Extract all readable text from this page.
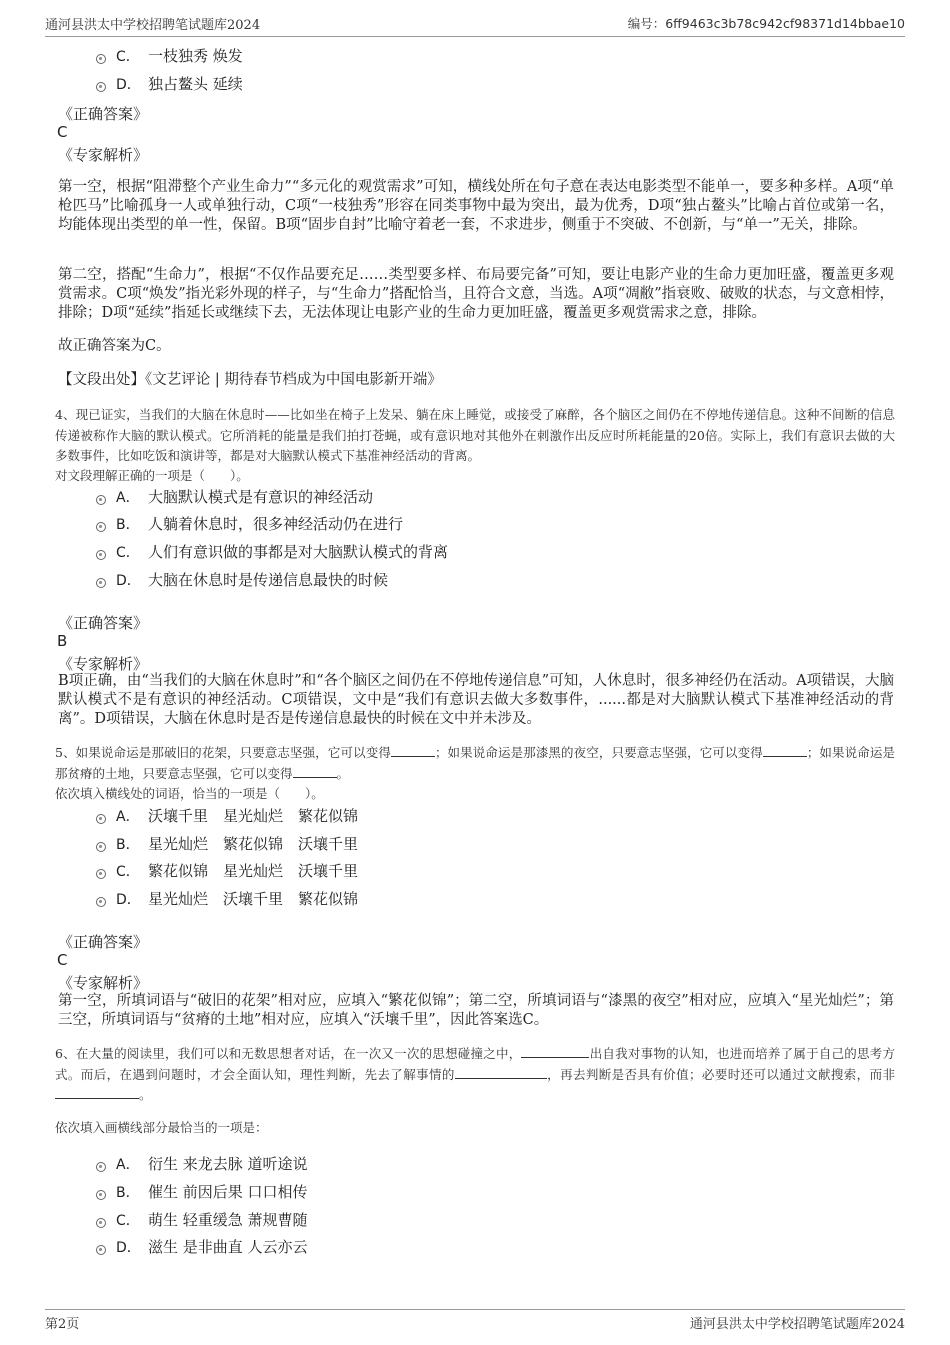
通河县洪太中学校招聘笔试题库2024	编号：6ff9463c3b78c942cf98371d14bbae10
C． 一枝独秀 焕发
D． 独占鳌头 延续
《正确答案》
C
《专家解析》
第一空，根据“阻滞整个产业生命力”“多元化的观赏需求”可知，横线处所在句子意在表达电影类型不能单一，要多种多样。A项“单枪匹马”比喻孤身一人或单独行动，C项“一枝独秀”形容在同类事物中最为突出，最为优秀，D项“独占鳌头”比喻占首位或第一名，均能体现出类型的单一性，保留。B项“固步自封”比喻守着老一套，不求进步，侧重于不突破、不创新，与“单一”无关，排除。
第二空，搭配“生命力”，根据“不仅作品要充足……类型要多样、布局要完备”可知，要让电影产业的生命力更加旺盛，覆盖更多观赏需求。C项“焕发”指光彩外现的样子，与“生命力”搭配恰当，且符合文意，当选。A项“凋敝”指衰败、破败的状态，与文意相悖，排除；D项“延续”指延长或继续下去，无法体现让电影产业的生命力更加旺盛，覆盖更多观赏需求之意，排除。
故正确答案为C。
【文段出处】《文艺评论 | 期待春节档成为中国电影新开端》
4、现已证实，当我们的大脑在休息时——比如坐在椅子上发呆、躺在床上睡觉，或接受了麻醉，各个脑区之间仍在不停地传递信息。这种不间断的信息传递被称作大脑的默认模式。它所消耗的能量是我们拍打苍蝇，或有意识地对其他外在刺激作出反应时所耗能量的20倍。实际上，我们有意识去做的大多数事件，比如吃饭和演讲等，都是对大脑默认模式下基准神经活动的背离。
对文段理解正确的一项是（　　）。
A． 大脑默认模式是有意识的神经活动
B． 人躺着休息时，很多神经活动仍在进行
C． 人们有意识做的事都是对大脑默认模式的背离
D． 大脑在休息时是传递信息最快的时候
《正确答案》
B
《专家解析》
B项正确，由“当我们的大脑在休息时”和“各个脑区之间仍在不停地传递信息”可知，人休息时，很多神经仍在活动。A项错误，大脑默认模式不是有意识的神经活动。C项错误，文中是“我们有意识去做大多数事件，......都是对大脑默认模式下基准神经活动的背离”。D项错误，大脑在休息时是否是传递信息最快的时候在文中并未涉及。
5、如果说命运是那破旧的花架，只要意志坚强，它可以变得	；如果说命运是那漆黑的夜空，只要意志坚强，它可以变得	；如果说命运是那贫瘠的土地，只要意志坚强，它可以变得	。
依次填入横线处的词语，恰当的一项是（　　）。
A． 沃壤千里　星光灿烂　繁花似锦
B． 星光灿烂　繁花似锦　沃壤千里
C． 繁花似锦　星光灿烂　沃壤千里
D． 星光灿烂　沃壤千里　繁花似锦
《正确答案》
C
《专家解析》
第一空，所填词语与“破旧的花架”相对应，应填入“繁花似锦”；第二空，所填词语与“漆黑的夜空”相对应，应填入“星光灿烂”；第三空，所填词语与“贫瘠的土地”相对应，应填入“沃壤千里”，因此答案选C。
6、在大量的阅读里，我们可以和无数思想者对话，在一次又一次的思想碰撞之中，	出自我对事物的认知，也进而培养了属于自己的思考方式。而后，在遇到问题时，才会全面认知，理性判断，先去了解事情的	，再去判断是否具有价值；必要时还可以通过文献搜索，而非。
依次填入画横线部分最恰当的一项是：
A． 衍生 来龙去脉 道听途说
B． 催生 前因后果 口口相传
C． 萌生 轻重缓急 萧规曹随
D． 滋生 是非曲直 人云亦云
第2页	通河县洪太中学校招聘笔试题库2024
